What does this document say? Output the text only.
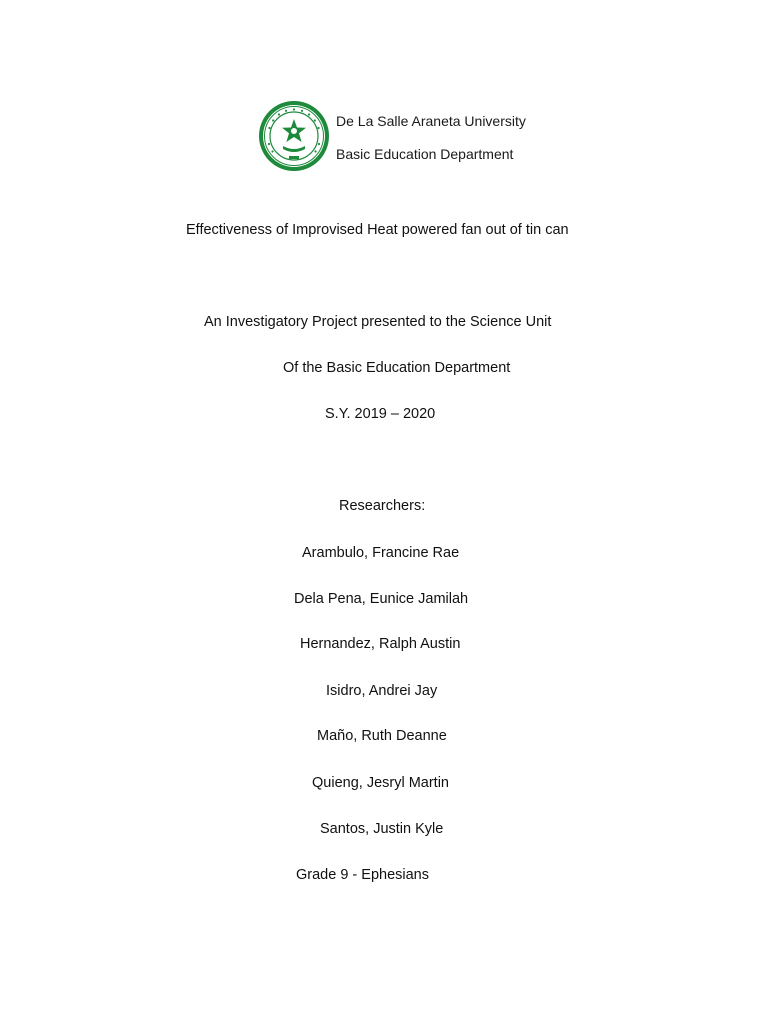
De La Salle Araneta University
Basic Education Department
Effectiveness of Improvised Heat powered fan out of tin can
An Investigatory Project presented to the Science Unit
Of the Basic Education Department
S.Y. 2019 – 2020
Researchers:
Arambulo, Francine Rae
Dela Pena, Eunice Jamilah
Hernandez, Ralph Austin
Isidro, Andrei Jay
Maño, Ruth Deanne
Quieng, Jesryl Martin
Santos, Justin Kyle
Grade 9 - Ephesians
